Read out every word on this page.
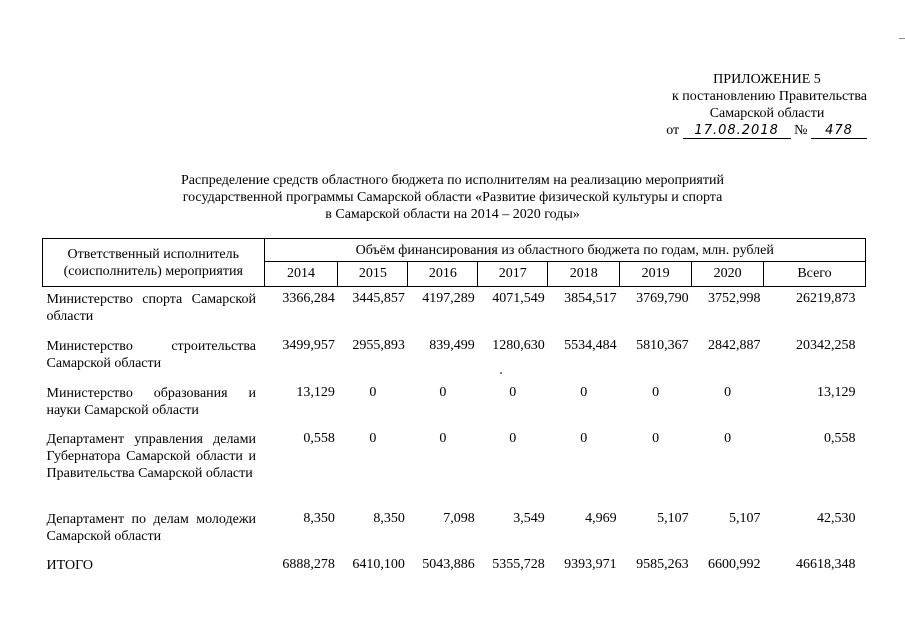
ПРИЛОЖЕНИЕ 5
к постановлению Правительства
Самарской области
от 17.08.2018 № 478
Распределение средств областного бюджета по исполнителям на реализацию мероприятий
государственной программы Самарской области «Развитие физической культуры и спорта
в Самарской области на 2014 – 2020 годы»
Ответственный исполнитель (соисполнитель) мероприятия	Объём финансирования из областного бюджета по годам, млн. рублей							
	2014	2015	2016	2017	2018	2019	2020	Всего
Министерство спорта Самарской области	3366,284	3445,857	4197,289	4071,549	3854,517	3769,790	3752,998	26219,873
Министерство строительства Самарской области	3499,957	2955,893	839,499	1280,630	5534,484	5810,367	2842,887	20342,258
Министерство образования и науки Самарской области	13,129	0	0	0	0	0	0	13,129
Департамент управления делами Губернатора Самарской области и Правительства Самарской области	0,558	0	0	0	0	0	0	0,558
Департамент по делам молодежи Самарской области	8,350	8,350	7,098	3,549	4,969	5,107	5,107	42,530
ИТОГО	6888,278	6410,100	5043,886	5355,728	9393,971	9585,263	6600,992	46618,348
